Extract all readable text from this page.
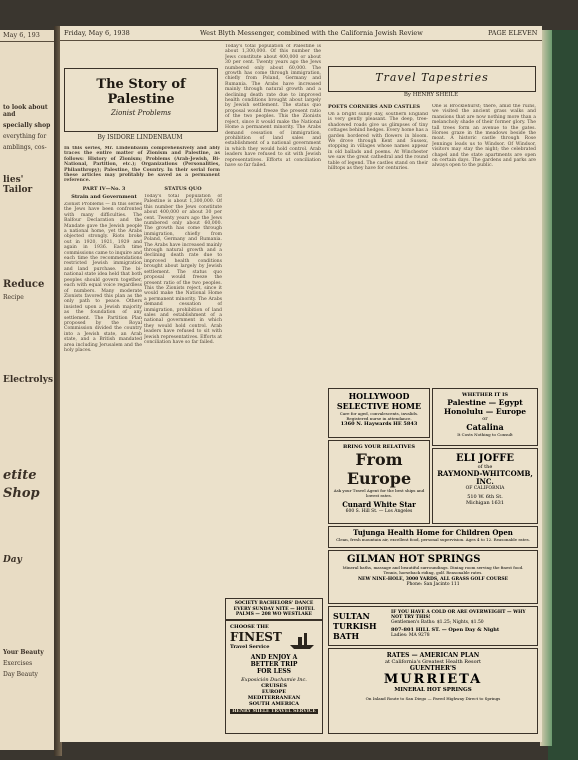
May 6, 193
to look about and
specially shop
everything for
amblings, cos-
lies' Tailor
Reduce
Recipe
Electrolys
etite
Shop
Day
Your Beauty
Exercises
Day Beauty
Friday, May 6, 1938	West Blyth Messenger, combined with the California Jewish Review	PAGE ELEVEN
The Story of Palestine
Zionist Problems
By ISIDORE LINDENBAUM
In this series, Mr. Lindenbaum comprehensively and ably traces the entire matter of Zionism and Palestine, as follows: History of Zionism; Problems (Arab-Jewish, Bi-National, Partition, etc.); Organizations (Personalities, Philanthropy); Palestine, the Country. In their serial form these articles may profitably be saved as a permanent reference.
PART IV—No. 3
Strain and Government
Zionist Problems — In this series the Jews have been confronted with many difficulties. The Balfour Declaration and the Mandate gave the Jewish people a national home, yet the Arabs objected strongly. Riots broke out in 1920, 1921, 1929 and again in 1936. Each time commissions came to inquire and each time the recommendations restricted Jewish immigration and land purchase. The bi-national state idea held that both peoples should govern together, each with equal voice regardless of numbers. Many moderate Zionists favored this plan as the only path to peace. Others insisted upon a Jewish majority as the foundation of any settlement. The Partition Plan proposed by the Royal Commission divided the country into a Jewish state, an Arab state, and a British mandated area including Jerusalem and the holy places.
STATUS QUO
Today's total population of Palestine is about 1,300,000. Of this number the Jews constitute about 400,000 or about 30 per cent. Twenty years ago the Jews numbered only about 60,000. The growth has come through immigration, chiefly from Poland, Germany and Rumania. The Arabs have increased mainly through natural growth and a declining death rate due to improved health conditions brought about largely by Jewish settlement. The status quo proposal would freeze the present ratio of the two peoples. This the Zionists reject, since it would make the National Home a permanent minority. The Arabs demand cessation of immigration, prohibition of land sales and establishment of a national government in which they would hold control. Arab leaders have refused to sit with Jewish representatives. Efforts at conciliation have so far failed.
Today's total population of Palestine is about 1,300,000. Of this number the Jews constitute about 400,000 or about 30 per cent. Twenty years ago the Jews numbered only about 60,000. The growth has come through immigration, chiefly from Poland, Germany and Rumania. The Arabs have increased mainly through natural growth and a declining death rate due to improved health conditions brought about largely by Jewish settlement. The status quo proposal would freeze the present ratio of the two peoples. This the Zionists reject, since it would make the National Home a permanent minority. The Arabs demand cessation of immigration, prohibition of land sales and establishment of a national government in which they would hold control. Arab leaders have refused to sit with Jewish representatives. Efforts at conciliation have so far failed.
SOCIETY BACHELORS' DANCE EVERY SUNDAY NITE — HOTEL PALMS — 208 WO WESTLAKE
CHOOSE THE
FINEST
Travel Service
AND ENJOY A
BETTER TRIP
FOR LESS
Exposición Duchamie Inc.
CRUISES
EUROPE
MEDITERRANEAN
SOUTH AMERICA
HENRY MIELE TRAVEL SERVICE
Travel Tapestries
By HENRY SHEILE
POETS CORNERS AND CASTLES
On a bright sunny day, southern England is very gently pleasant. The deep, tree-shadowed roads give us glimpses of tiny cottages behind hedges. Every home has a garden bordered with flowers in bloom. We drove through Kent and Sussex, stopping in villages whose names appear in old ballads and poems. At Winchester we saw the great cathedral and the round table of legend. The castles stand on their hilltops as they have for centuries.
One is Brocklehurst; there, amid the ruins, we visited the ancient grass walks and mansions that are now nothing more than a melancholy shade of their former glory. The tall trees form an avenue to the gates. Horses graze in the meadows beside the moat. A historic castle through Rose Jennings leads us to Windsor. Of Windsor, visitors may stay the night; the celebrated chapel and the state apartments are open on certain days. The gardens and parks are always open to the public.
HOLLYWOOD
SELECTIVE HOME
Care for aged, convalescents, invalids. Registered nurse in attendance.
1360 N. Haywards HE 5843
WHETHER IT IS
Palestine — Egypt
Honolulu — Europe
or
Catalina
It Costs Nothing to Consult
BRING YOUR RELATIVES
From Europe
Ask your Travel Agent for the best ships and lowest rates.
Cunard White Star
600 S. Hill St. — Los Angeles
ELI JOFFE
of the
RAYMOND-WHITCOMB, INC.
OF CALIFORNIA
510 W. 6th St.
Michigan 1631
Tujunga Health Home for Children Open
Clean, fresh mountain air, excellent food, personal supervision. Ages 4 to 12. Reasonable rates.
GILMAN HOT SPRINGS
Mineral baths, massage and beautiful surroundings. Dining room serving the finest food. Tennis, horseback riding, golf. Reasonable rates.
NEW NINE-HOLE, 3000 YARDS, ALL GRASS GOLF COURSE
Phone: San Jacinto 111
SULTAN
TURKISH
BATH
IF YOU HAVE A COLD OR ARE OVERWEIGHT — WHY NOT TRY THIS!
Gentlemen's Baths: $1.25; Nights, $1.50
807-801 HILL ST. — Open Day & Night
Ladies: MA 9278
RATES — AMERICAN PLAN
at California's Greatest Health Resort
GUENTHER'S
MURRIETA
MINERAL HOT SPRINGS
On Inland Route to San Diego — Paved Highway Direct to Springs
